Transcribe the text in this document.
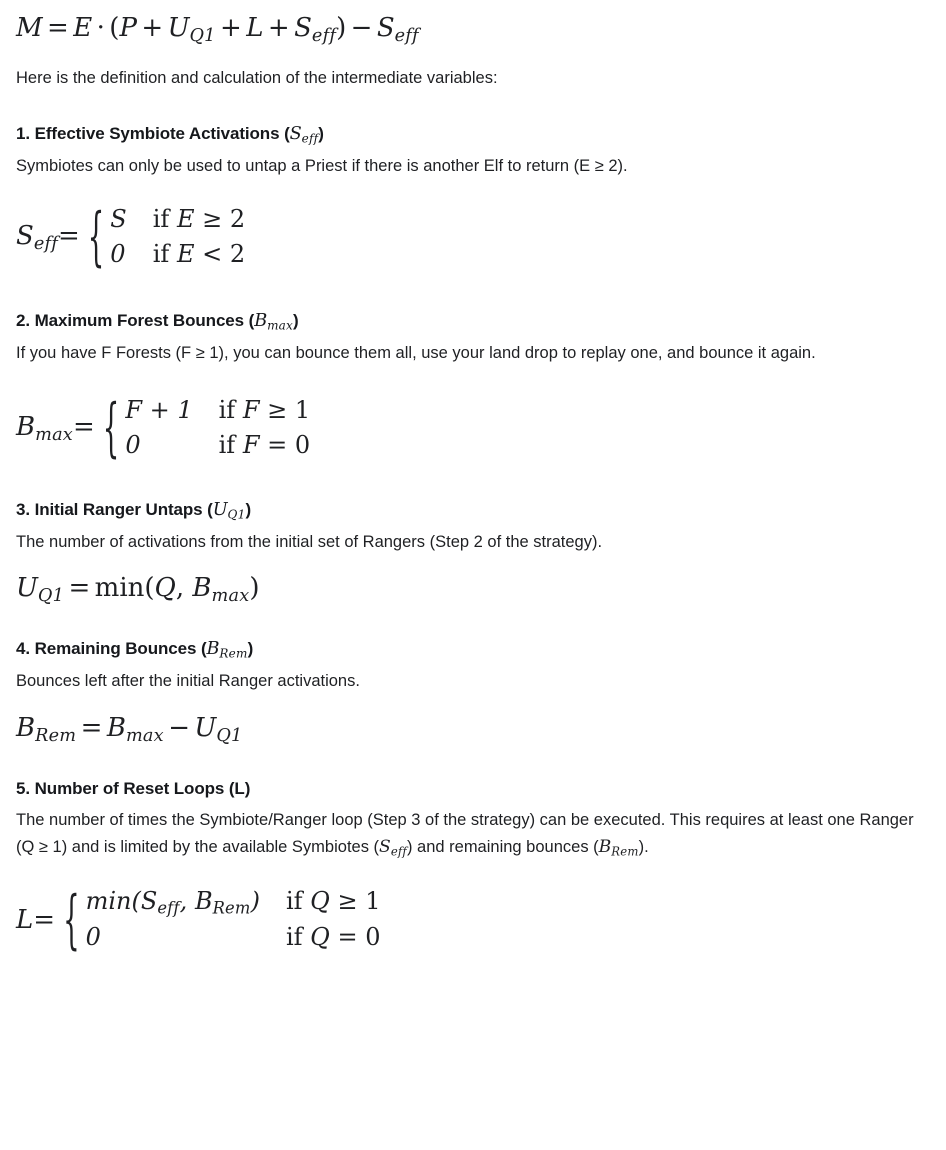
$M = E \cdot (P + U_{Q1} + L + S_{eff}) - S_{eff}$

Here is the definition and calculation of the intermediate variables:

1. Effective Symbiote Activations $(S_{eff})$

Symbiotes can only be used to untap a Priest if there is another Elf to return (E ≥ 2).

$S_{eff}=$ { S	if E ≥ 2
0	if E < 2
2. Maximum Forest Bounces $(B_{max})$

If you have F Forests (F ≥ 1), you can bounce them all, use your land drop to replay one, and bounce it again.

$B_{max}=$ { F + 1	if F ≥ 1
0	if F = 0
3. Initial Ranger Untaps $(U_{Q1})$

The number of activations from the initial set of Rangers (Step 2 of the strategy).

$U_{Q1} = \min(Q$, $B_{max}$)
4. Remaining Bounces $(B_{Rem})$

Bounces left after the initial Ranger activations.

$B_{Rem} = B_{max} - U_{Q1}$
5. Number of Reset Loops (L)

The number of times the Symbiote/Ranger loop (Step 3 of the strategy) can be executed. This requires at least one Ranger (Q ≥ 1) and is limited by the available Symbiotes $(S_{eff})$ and remaining bounces $(B_{Rem})$.

L= { $\min(S_{eff}$, $B_{Rem}$)	if Q ≥ 1
0	if Q = 0
